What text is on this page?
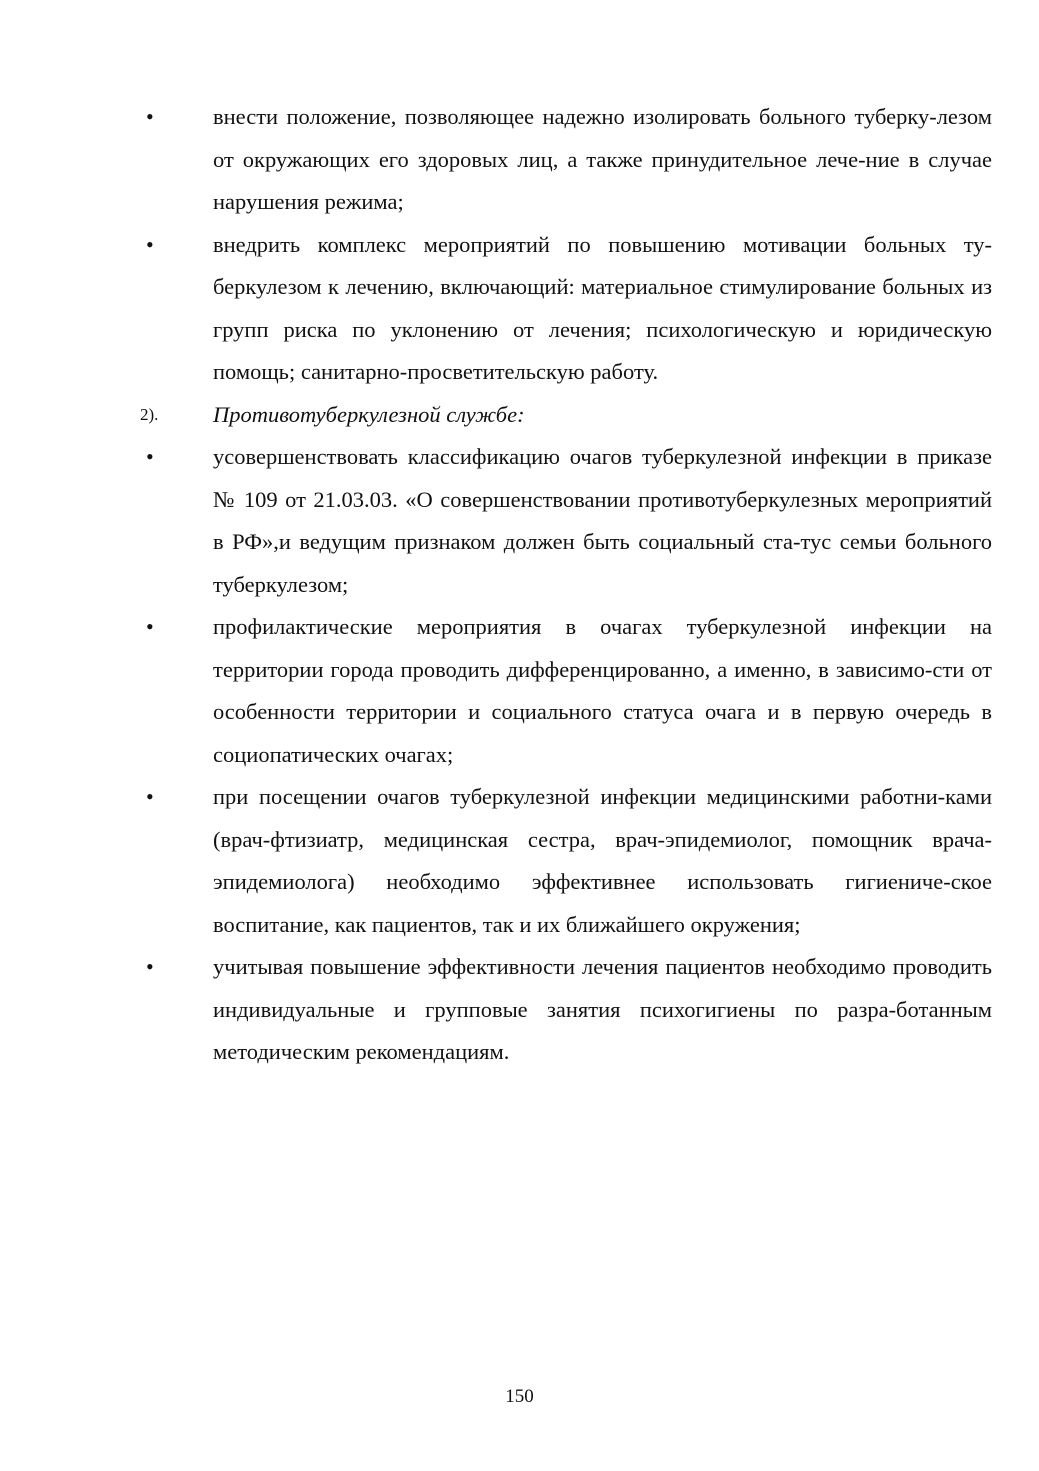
•	внести положение, позволяющее надежно изолировать больного туберку-лезом от окружающих его здоровых лиц, а также принудительное лече-ние в случае нарушения режима;
•	внедрить комплекс мероприятий по повышению мотивации больных ту-беркулезом к лечению, включающий: материальное стимулирование больных из групп риска по уклонению от лечения; психологическую и юридическую помощь; санитарно-просветительскую работу.
2).	Противотуберкулезной службе:
•	усовершенствовать классификацию очагов туберкулезной инфекции в приказе № 109 от 21.03.03. «О совершенствовании противотуберкулезных мероприятий в РФ»,и ведущим признаком должен быть социальный ста-тус семьи больного туберкулезом;
•	профилактические мероприятия в очагах туберкулезной инфекции на территории города проводить дифференцированно, а именно, в зависимо-сти от особенности территории и социального статуса очага и в первую очередь в социопатических очагах;
•	при посещении очагов туберкулезной инфекции медицинскими работни-ками (врач-фтизиатр, медицинская сестра, врач-эпидемиолог, помощник врача-эпидемиолога) необходимо эффективнее использовать гигиениче-ское воспитание, как пациентов, так и их ближайшего окружения;
•	учитывая повышение эффективности лечения пациентов необходимо проводить индивидуальные и групповые занятия психогигиены по разра-ботанным методическим рекомендациям.
150
